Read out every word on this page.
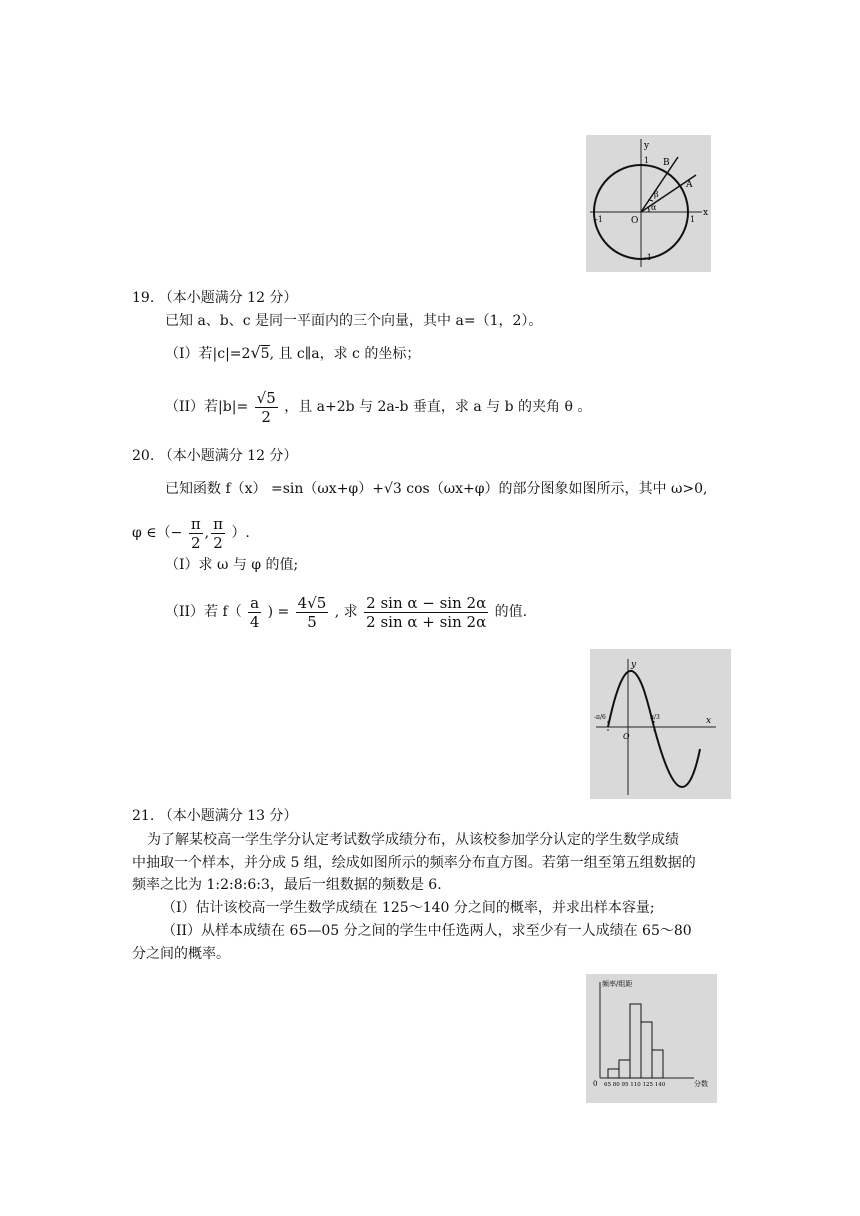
y
x
O
A
B
α
β
1
-1
1
-1
19. （本小题满分 12 分）
已知 a、b、c 是同一平面内的三个向量，其中 a=（1，2）。
（I）若|c|=2√5, 且 c∥a，求 c 的坐标；
（II）若$|b|= \frac{√5}{2}$ ，且 a+2b 与 2a-b 垂直，求 a 与 b 的夹角 θ 。
20. （本小题满分 12 分）
已知函数 f（x） =sin（ωx+φ）+√3 cos（ωx+φ）的部分图象如图所示，其中 ω>0,
φ ∈（− $\frac{\pi}{2}$ , $\frac{\pi}{2}$ ）.
（I）求 ω 与 φ 的值;
（II）若 $f( \frac{a}{4}$ ) = $\frac{4√5}{5}$ , 求 $\frac{\text{2 sin α − sin 2α}}{\text{2 sin α + sin 2α}}$ 的值.
y
x
O
-π/6	π/3
21. （本小题满分 13 分）
为了解某校高一学生学分认定考试数学成绩分布，从该校参加学分认定的学生数学成绩
中抽取一个样本，并分成 5 组，绘成如图所示的频率分布直方图。若第一组至第五组数据的
频率之比为 1:2:8:6:3，最后一组数据的频数是 6.
（I）估计该校高一学生数学成绩在 125～140 分之间的概率，并求出样本容量;
（II）从样本成绩在 65—05 分之间的学生中任选两人，求至少有一人成绩在 65～80
分之间的概率。
频率/组距
分数
0 65 80 95 110 125 140
